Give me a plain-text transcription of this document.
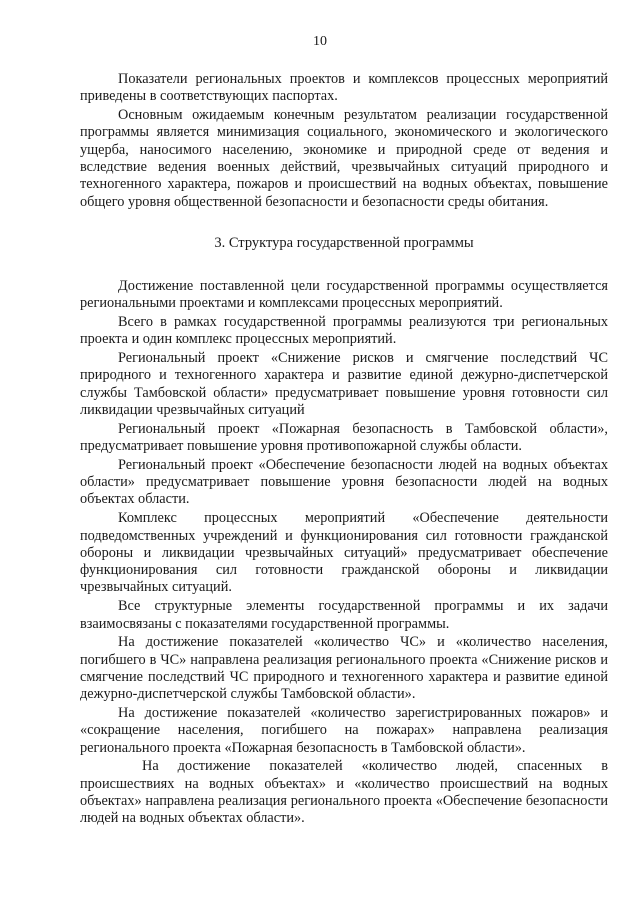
10

Показатели региональных проектов и комплексов процессных мероприятий приведены в соответствующих паспортах.

Основным ожидаемым конечным результатом реализации государственной программы является минимизация социального, экономического и экологического ущерба, наносимого населению, экономике и природной среде от ведения и вследствие ведения военных действий, чрезвычайных ситуаций природного и техногенного характера, пожаров и происшествий на водных объектах, повышение общего уровня общественной безопасности и безопасности среды обитания.

3. Структура государственной программы

Достижение поставленной цели государственной программы осуществляется региональными проектами и комплексами процессных мероприятий.

Всего в рамках государственной программы реализуются три региональных проекта и один комплекс процессных мероприятий.

Региональный проект «Снижение рисков и смягчение последствий ЧС природного и техногенного характера и развитие единой дежурно-диспетчерской службы Тамбовской области» предусматривает повышение уровня готовности сил ликвидации чрезвычайных ситуаций

Региональный проект «Пожарная безопасность в Тамбовской области», предусматривает повышение уровня противопожарной службы области.

Региональный проект «Обеспечение безопасности людей на водных объектах области» предусматривает повышение уровня безопасности людей на водных объектах области.

Комплекс процессных мероприятий «Обеспечение деятельности подведомственных учреждений и функционирования сил готовности гражданской обороны и ликвидации чрезвычайных ситуаций» предусматривает обеспечение функционирования сил готовности гражданской обороны и ликвидации чрезвычайных ситуаций.

Все структурные элементы государственной программы и их задачи взаимосвязаны с показателями государственной программы.

На достижение показателей «количество ЧС» и «количество населения, погибшего в ЧС» направлена реализация регионального проекта «Снижение рисков и смягчение последствий ЧС природного и техногенного характера и развитие единой дежурно-диспетчерской службы Тамбовской области».

На достижение показателей «количество зарегистрированных пожаров» и «сокращение населения, погибшего на пожарах» направлена реализация регионального проекта «Пожарная безопасность в Тамбовской области».

На достижение показателей «количество людей, спасенных в происшествиях на водных объектах» и «количество происшествий на водных объектах» направлена реализация регионального проекта «Обеспечение безопасности людей на водных объектах области».
